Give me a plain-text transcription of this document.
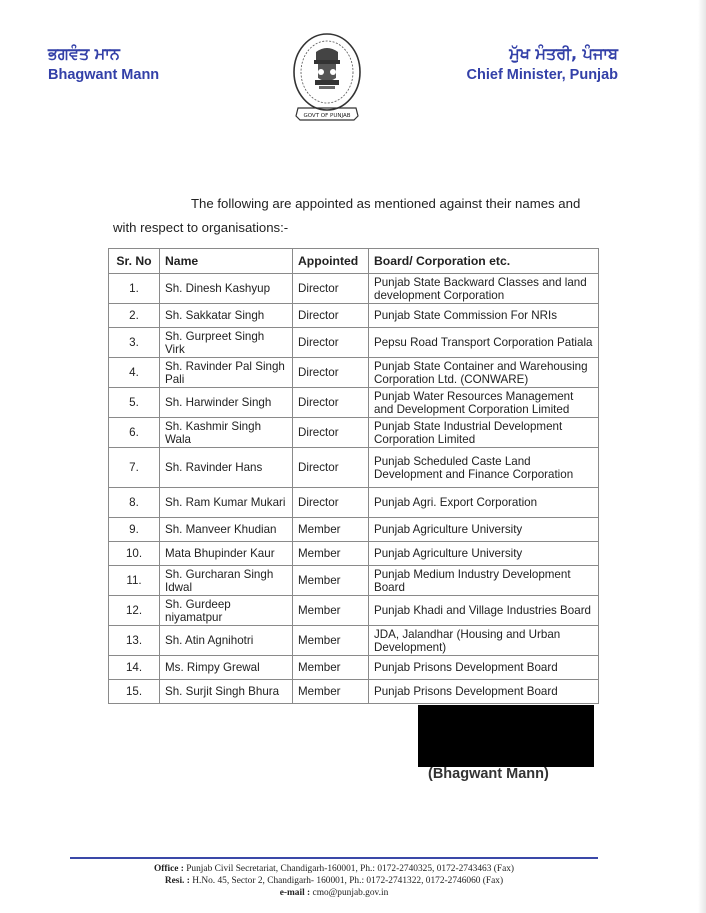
ਭਗਵੰਤ ਮਾਨ
Bhagwant Mann
GOVT OF PUNJAB
ਮੁੱਖ ਮੰਤਰੀ, ਪੰਜਾਬ
Chief Minister, Punjab
The following are appointed as mentioned against their names and
with respect to organisations:-
Sr. No	Name	Appointed	Board/ Corporation etc.
1.	Sh. Dinesh Kashyup	Director	Punjab State Backward Classes and land development Corporation
2.	Sh. Sakkatar Singh	Director	Punjab State Commission For NRIs
3.	Sh. Gurpreet Singh Virk	Director	Pepsu Road Transport Corporation Patiala
4.	Sh. Ravinder Pal Singh Pali	Director	Punjab State Container and Warehousing Corporation Ltd. (CONWARE)
5.	Sh. Harwinder Singh	Director	Punjab Water Resources Management and Development Corporation Limited
6.	Sh. Kashmir Singh Wala	Director	Punjab State Industrial Development Corporation Limited
7.	Sh. Ravinder Hans	Director	Punjab Scheduled Caste Land Development and Finance Corporation
8.	Sh. Ram Kumar Mukari	Director	Punjab Agri. Export Corporation
9.	Sh. Manveer Khudian	Member	Punjab Agriculture University
10.	Mata Bhupinder Kaur	Member	Punjab Agriculture University
11.	Sh. Gurcharan Singh Idwal	Member	Punjab Medium Industry Development Board
12.	Sh. Gurdeep niyamatpur	Member	Punjab Khadi and Village Industries Board
13.	Sh. Atin Agnihotri	Member	JDA, Jalandhar (Housing and Urban Development)
14.	Ms. Rimpy Grewal	Member	Punjab Prisons Development Board
15.	Sh. Surjit Singh Bhura	Member	Punjab Prisons Development Board
(Bhagwant Mann)
Office : Punjab Civil Secretariat, Chandigarh-160001, Ph.: 0172-2740325, 0172-2743463 (Fax)
Resi. : H.No. 45, Sector 2, Chandigarh- 160001, Ph.: 0172-2741322, 0172-2746060 (Fax)
e-mail : cmo@punjab.gov.in
